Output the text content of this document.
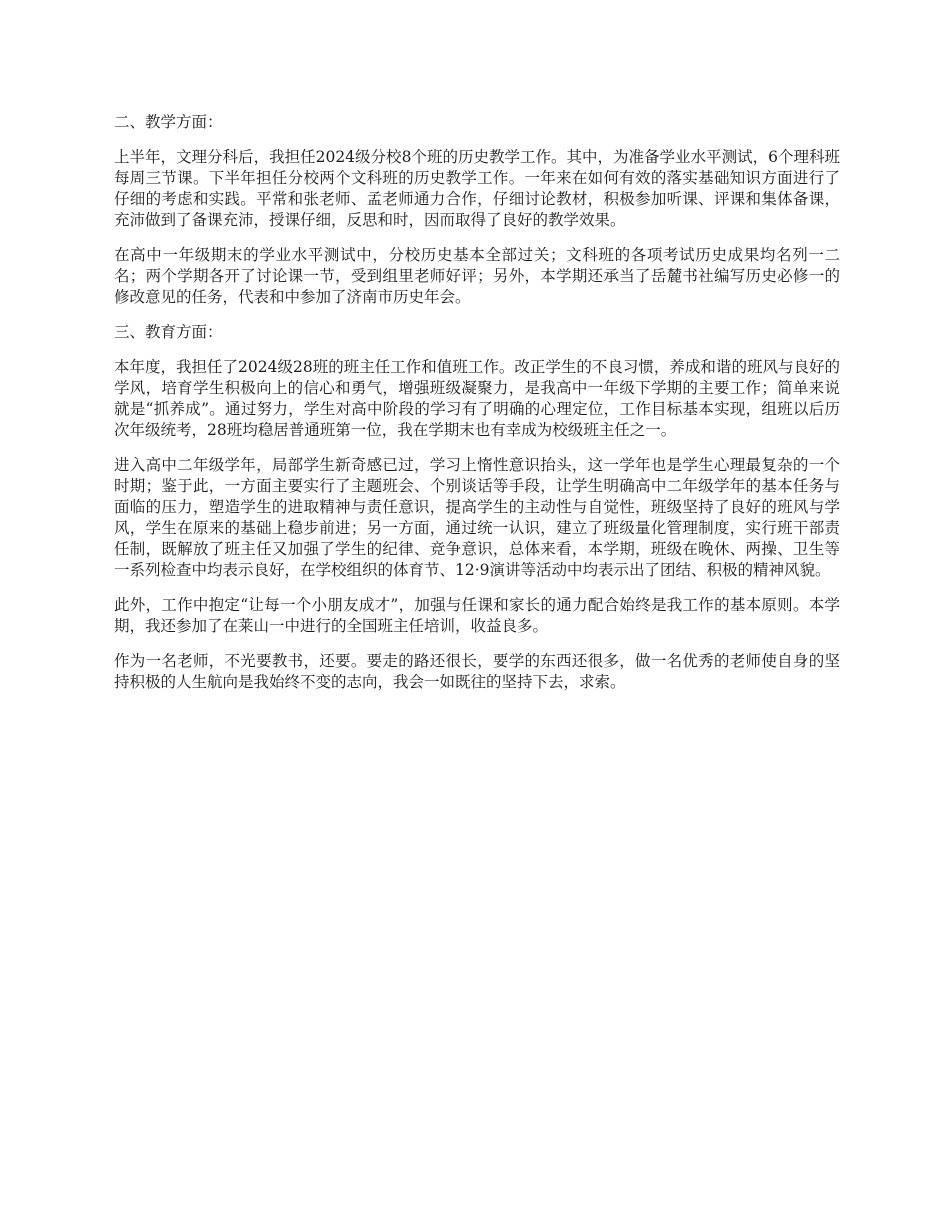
二、教学方面：

上半年，文理分科后，我担任2024级分校8个班的历史教学工作。其中，为准备学业水平测试，6个理科班每周三节课。下半年担任分校两个文科班的历史教学工作。一年来在如何有效的落实基础知识方面进行了仔细的考虑和实践。平常和张老师、孟老师通力合作，仔细讨论教材，积极参加听课、评课和集体备课，充沛做到了备课充沛，授课仔细，反思和时，因而取得了良好的教学效果。

在高中一年级期末的学业水平测试中，分校历史基本全部过关；文科班的各项考试历史成果均名列一二名；两个学期各开了讨论课一节，受到组里老师好评；另外，本学期还承当了岳麓书社编写历史必修一的修改意见的任务，代表和中参加了济南市历史年会。

三、教育方面：

本年度，我担任了2024级28班的班主任工作和值班工作。改正学生的不良习惯，养成和谐的班风与良好的学风，培育学生积极向上的信心和勇气，增强班级凝聚力，是我高中一年级下学期的主要工作；简单来说就是“抓养成”。通过努力，学生对高中阶段的学习有了明确的心理定位，工作目标基本实现，组班以后历次年级统考，28班均稳居普通班第一位，我在学期末也有幸成为校级班主任之一。

进入高中二年级学年，局部学生新奇感已过，学习上惰性意识抬头，这一学年也是学生心理最复杂的一个时期；鉴于此，一方面主要实行了主题班会、个别谈话等手段，让学生明确高中二年级学年的基本任务与面临的压力，塑造学生的进取精神与责任意识，提高学生的主动性与自觉性，班级坚持了良好的班风与学风，学生在原来的基础上稳步前进；另一方面，通过统一认识，建立了班级量化管理制度，实行班干部责任制，既解放了班主任又加强了学生的纪律、竞争意识，总体来看，本学期，班级在晚休、两操、卫生等一系列检查中均表示良好，在学校组织的体育节、12·9演讲等活动中均表示出了团结、积极的精神风貌。

此外，工作中抱定“让每一个小朋友成才”，加强与任课和家长的通力配合始终是我工作的基本原则。本学期，我还参加了在莱山一中进行的全国班主任培训，收益良多。

作为一名老师，不光要教书，还要。要走的路还很长，要学的东西还很多，做一名优秀的老师使自身的坚持积极的人生航向是我始终不变的志向，我会一如既往的坚持下去，求索。
